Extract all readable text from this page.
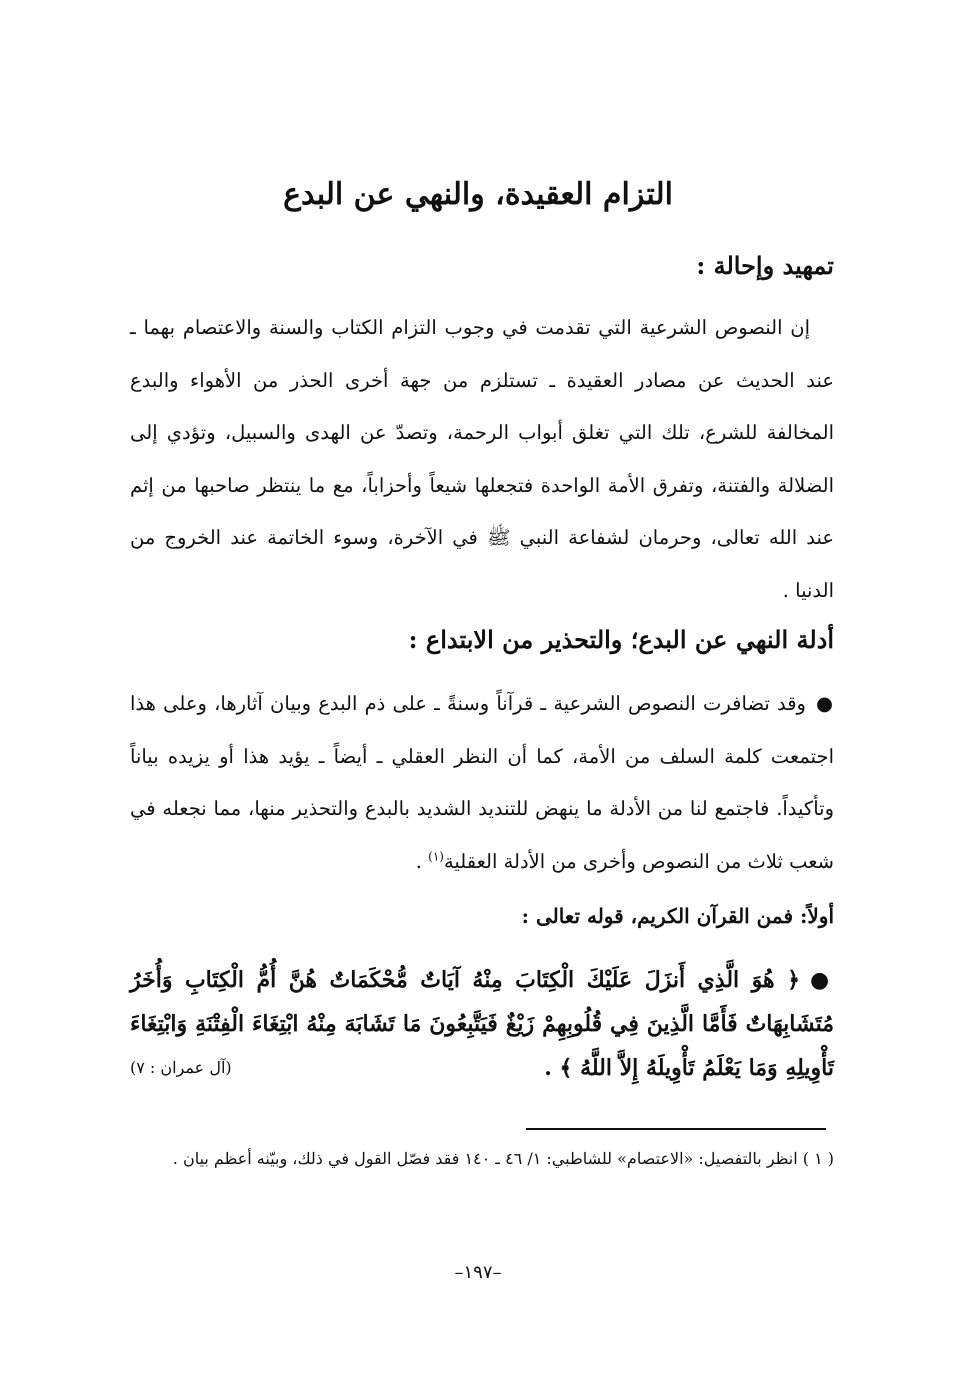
التزام العقيدة، والنهي عن البدع
تمهيد وإحالة :

إن النصوص الشرعية التي تقدمت في وجوب التزام الكتاب والسنة والاعتصام بهما ـ عند الحديث عن مصادر العقيدة ـ تستلزم من جهة أخرى الحذر من الأهواء والبدع المخالفة للشرع، تلك التي تغلق أبواب الرحمة، وتصدّ عن الهدى والسبيل، وتؤدي إلى الضلالة والفتنة، وتفرق الأمة الواحدة فتجعلها شيعاً وأحزاباً، مع ما ينتظر صاحبها من إثم عند الله تعالى، وحرمان لشفاعة النبي ﷺ في الآخرة، وسوء الخاتمة عند الخروج من الدنيا .

أدلة النهي عن البدع؛ والتحذير من الابتداع :

●وقد تضافرت النصوص الشرعية ـ قرآناً وسنةً ـ على ذم البدع وبيان آثارها، وعلى هذا اجتمعت كلمة السلف من الأمة، كما أن النظر العقلي ـ أيضاً ـ يؤيد هذا أو يزيده بياناً وتأكيداً. فاجتمع لنا من الأدلة ما ينهض للتنديد الشديد بالبدع والتحذير منها، مما نجعله في شعب ثلاث من النصوص وأخرى من الأدلة العقلية$^{(١)}$ .

أولاً: فمن القرآن الكريم، قوله تعالى :

●﴿ هُوَ الَّذِي أَنزَلَ عَلَيْكَ الْكِتَابَ مِنْهُ آيَاتٌ مُّحْكَمَاتٌ هُنَّ أُمُّ الْكِتَابِ وَأُخَرُ مُتَشَابِهَاتٌ فَأَمَّا الَّذِينَ فِي قُلُوبِهِمْ زَيْغٌ فَيَتَّبِعُونَ مَا تَشَابَهَ مِنْهُ ابْتِغَاءَ الْفِتْنَةِ وَابْتِغَاءَ تَأْوِيلِهِ وَمَا يَعْلَمُ تَأْوِيلَهُ إِلاَّ اللَّهُ ﴾ .
(آل عمران : ٧)

( ١ ) انظر بالتفصيل: «الاعتصام» للشاطبي: ١/ ٤٦ ـ ١٤٠ فقد فصّل القول في ذلك، وبيّنه أعظم بيان .

–١٩٧–
